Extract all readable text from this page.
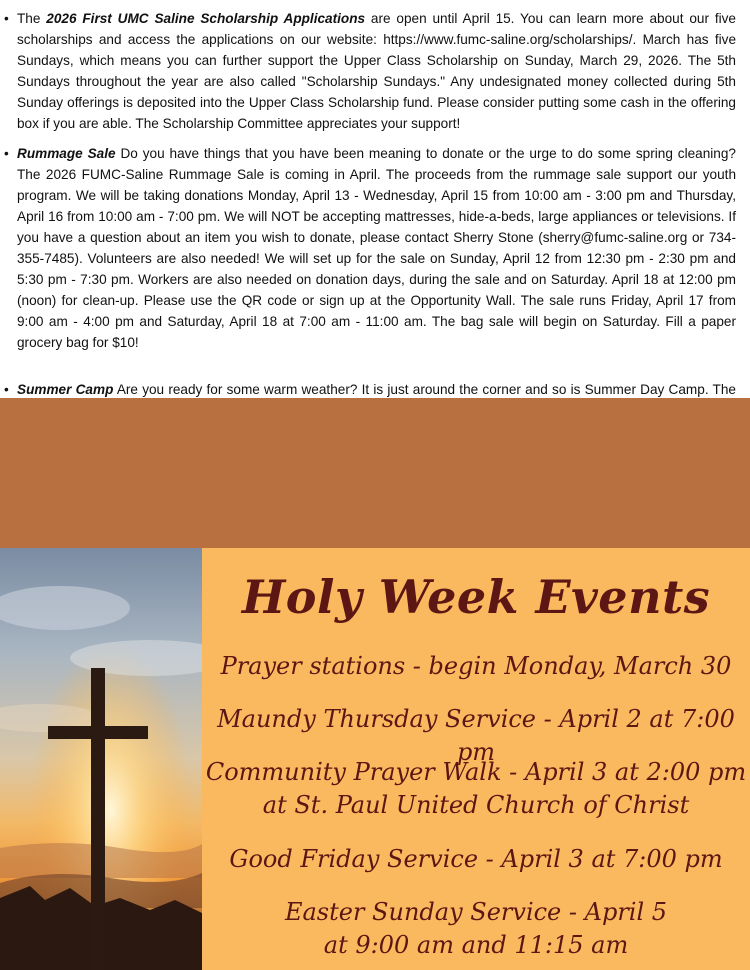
• The 2026 First UMC Saline Scholarship Applications are open until April 15. You can learn more about our five scholarships and access the applications on our website: https://www.fumc-saline.org/scholarships/. March has five Sundays, which means you can further support the Upper Class Scholarship on Sunday, March 29, 2026. The 5th Sundays throughout the year are also called "Scholarship Sundays." Any undesignated money collected during 5th Sunday offerings is deposited into the Upper Class Scholarship fund. Please consider putting some cash in the offering box if you are able. The Scholarship Committee appreciates your support!
• Rummage Sale Do you have things that you have been meaning to donate or the urge to do some spring cleaning? The 2026 FUMC-Saline Rummage Sale is coming in April. The proceeds from the rummage sale support our youth program. We will be taking donations Monday, April 13 - Wednesday, April 15 from 10:00 am - 3:00 pm and Thursday, April 16 from 10:00 am - 7:00 pm. We will NOT be accepting mattresses, hide-a-beds, large appliances or televisions. If you have a question about an item you wish to donate, please contact Sherry Stone (sherry@fumc-saline.org or 734-355-7485). Volunteers are also needed! We will set up for the sale on Sunday, April 12 from 12:30 pm - 2:30 pm and 5:30 pm - 7:30 pm. Workers are also needed on donation days, during the sale and on Saturday. April 18 at 12:00 pm (noon) for clean-up. Please use the QR code or sign up at the Opportunity Wall. The sale runs Friday, April 17 from 9:00 am - 4:00 pm and Saturday, April 18 at 7:00 am - 11:00 am. The bag sale will begin on Saturday. Fill a paper grocery bag for $10!
• Summer Camp Are you ready for some warm weather? It is just around the corner and so is Summer Day Camp. The
Holy Week Events
Prayer stations - begin Monday, March 30
Maundy Thursday Service - April 2 at 7:00 pm
Community Prayer Walk - April 3 at 2:00 pm
at St. Paul United Church of Christ
Good Friday Service - April 3 at 7:00 pm
Easter Sunday Service - April 5
at 9:00 am and 11:15 am
